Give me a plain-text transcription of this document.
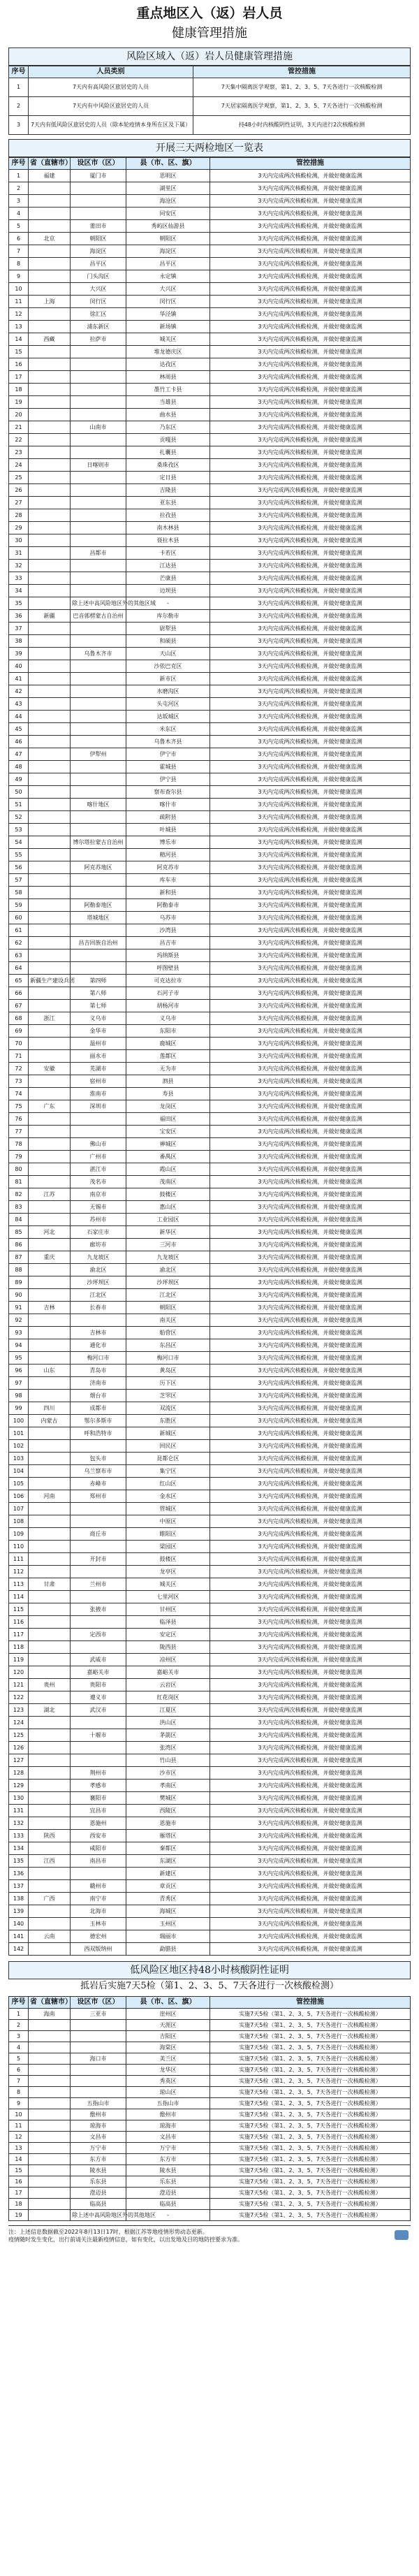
重点地区入（返）岩人员
健康管理措施
风险区域入（返）岩人员健康管理措施
序号	人员类别	管控措施
1	7天内有高风险区旅居史的人员	7天集中隔离医学观察，第1、2、3、5、7天各进行一次核酸检测
2	7天内有中风险区旅居史的人员	7天居家隔离医学观察，第1、2、3、5、7天各进行一次核酸检测
3	7天内有低风险区旅居史的人员（除本轮疫情本身所在区及下属）	持48小时内核酸阴性证明，3天内进行2次核酸检测
开展三天两检地区一览表
序号	省（直辖市）	设区市（区）	县（市、区、旗）	管控措施
1	福建	厦门市	思明区	3天内完成两次核酸检测，并做好健康监测
2			湖里区	3天内完成两次核酸检测，并做好健康监测
3			海沧区	3天内完成两次核酸检测，并做好健康监测
4			同安区	3天内完成两次核酸检测，并做好健康监测
5		莆田市	秀屿区仙游县	3天内完成两次核酸检测，并做好健康监测
6	北京	朝阳区	朝阳区	3天内完成两次核酸检测，并做好健康监测
7		海淀区	海淀区	3天内完成两次核酸检测，并做好健康监测
8		昌平区	昌平区	3天内完成两次核酸检测，并做好健康监测
9		门头沟区	永定镇	3天内完成两次核酸检测，并做好健康监测
10		大兴区	大兴区	3天内完成两次核酸检测，并做好健康监测
11	上海	闵行区	闵行区	3天内完成两次核酸检测，并做好健康监测
12		徐汇区	华泾镇	3天内完成两次核酸检测，并做好健康监测
13		浦东新区	新场镇	3天内完成两次核酸检测，并做好健康监测
14	西藏	拉萨市	城关区	3天内完成两次核酸检测，并做好健康监测
15			堆龙德庆区	3天内完成两次核酸检测，并做好健康监测
16			达孜区	3天内完成两次核酸检测，并做好健康监测
17			林周县	3天内完成两次核酸检测，并做好健康监测
18			墨竹工卡县	3天内完成两次核酸检测，并做好健康监测
19			当雄县	3天内完成两次核酸检测，并做好健康监测
20			曲水县	3天内完成两次核酸检测，并做好健康监测
21		山南市	乃东区	3天内完成两次核酸检测，并做好健康监测
22			贡嘎县	3天内完成两次核酸检测，并做好健康监测
23			扎囊县	3天内完成两次核酸检测，并做好健康监测
24		日喀则市	桑珠孜区	3天内完成两次核酸检测，并做好健康监测
25			定日县	3天内完成两次核酸检测，并做好健康监测
26			吉隆县	3天内完成两次核酸检测，并做好健康监测
27			亚东县	3天内完成两次核酸检测，并做好健康监测
28			拉孜县	3天内完成两次核酸检测，并做好健康监测
29			南木林县	3天内完成两次核酸检测，并做好健康监测
30			聂拉木县	3天内完成两次核酸检测，并做好健康监测
31		昌都市	卡若区	3天内完成两次核酸检测，并做好健康监测
32			江达县	3天内完成两次核酸检测，并做好健康监测
33			芒康县	3天内完成两次核酸检测，并做好健康监测
34			边坝县	3天内完成两次核酸检测，并做好健康监测
35		除上述中高风险地区外的其他区域	-	3天内完成两次核酸检测，并做好健康监测
36	新疆	巴音郭楞蒙古自治州	库尔勒市	3天内完成两次核酸检测，并做好健康监测
37			尉犁县	3天内完成两次核酸检测，并做好健康监测
38			和硕县	3天内完成两次核酸检测，并做好健康监测
39		乌鲁木齐市	天山区	3天内完成两次核酸检测，并做好健康监测
40			沙依巴克区	3天内完成两次核酸检测，并做好健康监测
41			新市区	3天内完成两次核酸检测，并做好健康监测
42			水磨沟区	3天内完成两次核酸检测，并做好健康监测
43			头屯河区	3天内完成两次核酸检测，并做好健康监测
44			达坂城区	3天内完成两次核酸检测，并做好健康监测
45			米东区	3天内完成两次核酸检测，并做好健康监测
46			乌鲁木齐县	3天内完成两次核酸检测，并做好健康监测
47		伊犁州	伊宁市	3天内完成两次核酸检测，并做好健康监测
48			霍城县	3天内完成两次核酸检测，并做好健康监测
49			伊宁县	3天内完成两次核酸检测，并做好健康监测
50			察布查尔县	3天内完成两次核酸检测，并做好健康监测
51		喀什地区	喀什市	3天内完成两次核酸检测，并做好健康监测
52			疏附县	3天内完成两次核酸检测，并做好健康监测
53			叶城县	3天内完成两次核酸检测，并做好健康监测
54		博尔塔拉蒙古自治州	博乐市	3天内完成两次核酸检测，并做好健康监测
55			精河县	3天内完成两次核酸检测，并做好健康监测
56		阿克苏地区	阿克苏市	3天内完成两次核酸检测，并做好健康监测
57			库车市	3天内完成两次核酸检测，并做好健康监测
58			新和县	3天内完成两次核酸检测，并做好健康监测
59		阿勒泰地区	阿勒泰市	3天内完成两次核酸检测，并做好健康监测
60		塔城地区	乌苏市	3天内完成两次核酸检测，并做好健康监测
61			沙湾县	3天内完成两次核酸检测，并做好健康监测
62		昌吉回族自治州	昌吉市	3天内完成两次核酸检测，并做好健康监测
63			玛纳斯县	3天内完成两次核酸检测，并做好健康监测
64			呼图壁县	3天内完成两次核酸检测，并做好健康监测
65	新疆生产建设兵团	第四师	可克达拉市	3天内完成两次核酸检测，并做好健康监测
66		第八师	石河子市	3天内完成两次核酸检测，并做好健康监测
67		第七师	胡杨河市	3天内完成两次核酸检测，并做好健康监测
68	浙江	义乌市	义乌市	3天内完成两次核酸检测，并做好健康监测
69		金华市	东阳市	3天内完成两次核酸检测，并做好健康监测
70		温州市	鹿城区	3天内完成两次核酸检测，并做好健康监测
71		丽水市	莲都区	3天内完成两次核酸检测，并做好健康监测
72	安徽	芜湖市	无为市	3天内完成两次核酸检测，并做好健康监测
73		宿州市	泗县	3天内完成两次核酸检测，并做好健康监测
74		淮南市	寿县	3天内完成两次核酸检测，并做好健康监测
75	广东	深圳市	龙岗区	3天内完成两次核酸检测，并做好健康监测
76			福田区	3天内完成两次核酸检测，并做好健康监测
77			宝安区	3天内完成两次核酸检测，并做好健康监测
78		佛山市	禅城区	3天内完成两次核酸检测，并做好健康监测
79		广州市	番禺区	3天内完成两次核酸检测，并做好健康监测
80		湛江市	霞山区	3天内完成两次核酸检测，并做好健康监测
81		茂名市	茂南区	3天内完成两次核酸检测，并做好健康监测
82	江苏	南京市	鼓楼区	3天内完成两次核酸检测，并做好健康监测
83		无锡市	惠山区	3天内完成两次核酸检测，并做好健康监测
84		苏州市	工业园区	3天内完成两次核酸检测，并做好健康监测
85	河北	石家庄市	新华区	3天内完成两次核酸检测，并做好健康监测
86		廊坊市	三河市	3天内完成两次核酸检测，并做好健康监测
87	重庆	九龙坡区	九龙坡区	3天内完成两次核酸检测，并做好健康监测
88		渝北区	渝北区	3天内完成两次核酸检测，并做好健康监测
89		沙坪坝区	沙坪坝区	3天内完成两次核酸检测，并做好健康监测
90		江北区	江北区	3天内完成两次核酸检测，并做好健康监测
91	吉林	长春市	朝阳区	3天内完成两次核酸检测，并做好健康监测
92			南关区	3天内完成两次核酸检测，并做好健康监测
93		吉林市	船营区	3天内完成两次核酸检测，并做好健康监测
94		通化市	东昌区	3天内完成两次核酸检测，并做好健康监测
95		梅河口市	梅河口市	3天内完成两次核酸检测，并做好健康监测
96	山东	青岛市	黄岛区	3天内完成两次核酸检测，并做好健康监测
97		济南市	历下区	3天内完成两次核酸检测，并做好健康监测
98		烟台市	芝罘区	3天内完成两次核酸检测，并做好健康监测
99	四川	成都市	双流区	3天内完成两次核酸检测，并做好健康监测
100	内蒙古	鄂尔多斯市	东胜区	3天内完成两次核酸检测，并做好健康监测
101		呼和浩特市	新城区	3天内完成两次核酸检测，并做好健康监测
102			回民区	3天内完成两次核酸检测，并做好健康监测
103		包头市	昆都仑区	3天内完成两次核酸检测，并做好健康监测
104		乌兰察布市	集宁区	3天内完成两次核酸检测，并做好健康监测
105		赤峰市	红山区	3天内完成两次核酸检测，并做好健康监测
106	河南	郑州市	金水区	3天内完成两次核酸检测，并做好健康监测
107			管城区	3天内完成两次核酸检测，并做好健康监测
108			中原区	3天内完成两次核酸检测，并做好健康监测
109		商丘市	睢阳区	3天内完成两次核酸检测，并做好健康监测
110			梁园区	3天内完成两次核酸检测，并做好健康监测
111		开封市	鼓楼区	3天内完成两次核酸检测，并做好健康监测
112			龙亭区	3天内完成两次核酸检测，并做好健康监测
113	甘肃	兰州市	城关区	3天内完成两次核酸检测，并做好健康监测
114			七里河区	3天内完成两次核酸检测，并做好健康监测
115		张掖市	甘州区	3天内完成两次核酸检测，并做好健康监测
116			临泽县	3天内完成两次核酸检测，并做好健康监测
117		定西市	安定区	3天内完成两次核酸检测，并做好健康监测
118			陇西县	3天内完成两次核酸检测，并做好健康监测
119		武威市	凉州区	3天内完成两次核酸检测，并做好健康监测
120		嘉峪关市	嘉峪关市	3天内完成两次核酸检测，并做好健康监测
121	贵州	贵阳市	云岩区	3天内完成两次核酸检测，并做好健康监测
122		遵义市	红花岗区	3天内完成两次核酸检测，并做好健康监测
123	湖北	武汉市	江夏区	3天内完成两次核酸检测，并做好健康监测
124			洪山区	3天内完成两次核酸检测，并做好健康监测
125		十堰市	茅箭区	3天内完成两次核酸检测，并做好健康监测
126			张湾区	3天内完成两次核酸检测，并做好健康监测
127			竹山县	3天内完成两次核酸检测，并做好健康监测
128		荆州市	沙市区	3天内完成两次核酸检测，并做好健康监测
129		孝感市	孝南区	3天内完成两次核酸检测，并做好健康监测
130		襄阳市	樊城区	3天内完成两次核酸检测，并做好健康监测
131		宜昌市	西陵区	3天内完成两次核酸检测，并做好健康监测
132		恩施州	恩施市	3天内完成两次核酸检测，并做好健康监测
133	陕西	西安市	雁塔区	3天内完成两次核酸检测，并做好健康监测
134		咸阳市	秦都区	3天内完成两次核酸检测，并做好健康监测
135	江西	南昌市	东湖区	3天内完成两次核酸检测，并做好健康监测
136			新建区	3天内完成两次核酸检测，并做好健康监测
137		赣州市	章贡区	3天内完成两次核酸检测，并做好健康监测
138	广西	南宁市	青秀区	3天内完成两次核酸检测，并做好健康监测
139		北海市	海城区	3天内完成两次核酸检测，并做好健康监测
140		玉林市	玉州区	3天内完成两次核酸检测，并做好健康监测
141	云南	德宏州	瑞丽市	3天内完成两次核酸检测，并做好健康监测
142		西双版纳州	勐腊县	3天内完成两次核酸检测，并做好健康监测
低风险区地区持48小时核酸阴性证明
抵岩后实施7天5检（第1、2、3、5、7天各进行一次核酸检测）
序号	省（直辖市）	设区市（区）	县（市、区、旗）	管控措施
1	海南	三亚市	崖州区	实施7天5检（第1、2、3、5、7天各进行一次核酸检测）
2			天涯区	实施7天5检（第1、2、3、5、7天各进行一次核酸检测）
3			吉阳区	实施7天5检（第1、2、3、5、7天各进行一次核酸检测）
4			海棠区	实施7天5检（第1、2、3、5、7天各进行一次核酸检测）
5		海口市	美兰区	实施7天5检（第1、2、3、5、7天各进行一次核酸检测）
6			龙华区	实施7天5检（第1、2、3、5、7天各进行一次核酸检测）
7			秀英区	实施7天5检（第1、2、3、5、7天各进行一次核酸检测）
8			琼山区	实施7天5检（第1、2、3、5、7天各进行一次核酸检测）
9		五指山市	五指山市	实施7天5检（第1、2、3、5、7天各进行一次核酸检测）
10		儋州市	儋州市	实施7天5检（第1、2、3、5、7天各进行一次核酸检测）
11		琼海市	琼海市	实施7天5检（第1、2、3、5、7天各进行一次核酸检测）
12		文昌市	文昌市	实施7天5检（第1、2、3、5、7天各进行一次核酸检测）
13		万宁市	万宁市	实施7天5检（第1、2、3、5、7天各进行一次核酸检测）
14		东方市	东方市	实施7天5检（第1、2、3、5、7天各进行一次核酸检测）
15		陵水县	陵水县	实施7天5检（第1、2、3、5、7天各进行一次核酸检测）
16		乐东县	乐东县	实施7天5检（第1、2、3、5、7天各进行一次核酸检测）
17		澄迈县	澄迈县	实施7天5检（第1、2、3、5、7天各进行一次核酸检测）
18		临高县	临高县	实施7天5检（第1、2、3、5、7天各进行一次核酸检测）
19		除上述中高风险地区外的其他地区	-	实施7天5检（第1、2、3、5、7天各进行一次核酸检测）
注：上述信息数据截至2022年8月13日17时，根据江苏等地疫情形势动态更新。
疫情随时发生变化，出行前请关注最新疫情信息，如有变化，以出发地及目的地防控要求为准。
